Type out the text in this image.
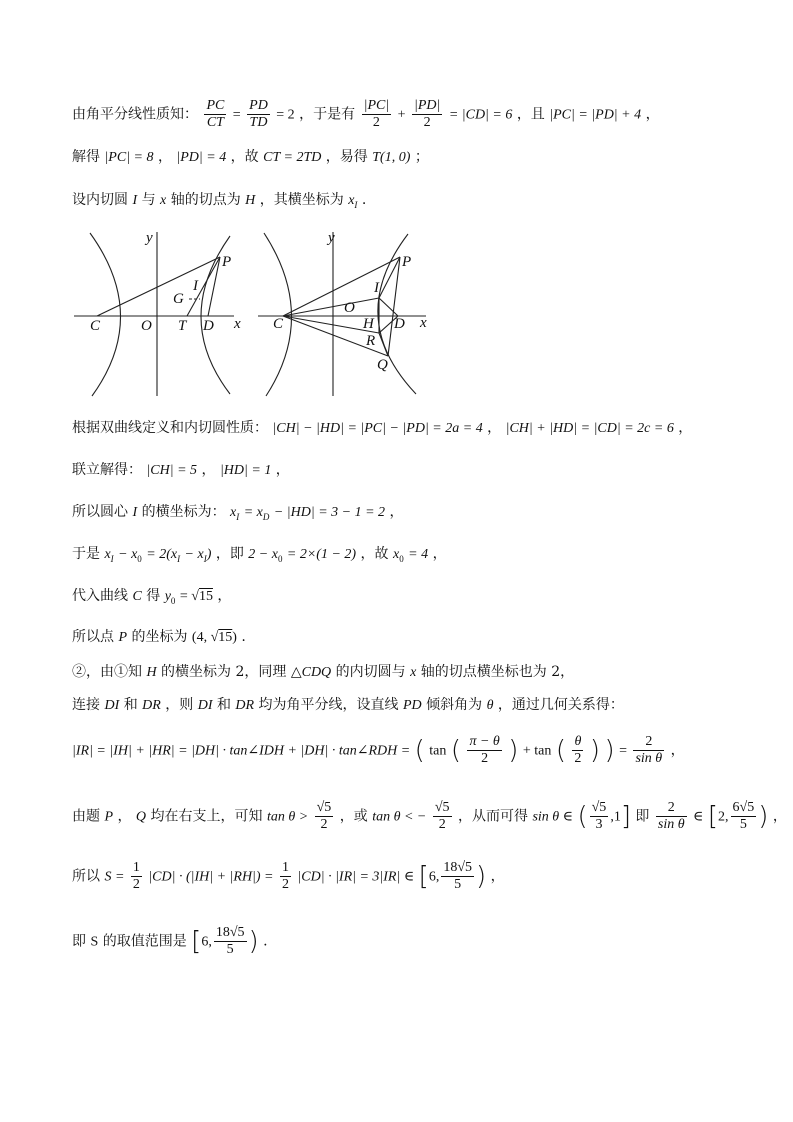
由角平分线性质知： $\frac{PC}{CT} = \frac{PD}{TD} = 2$ ，于是有 $\frac{|PC|}{2} + \frac{|PD|}{2} = |CD| = 6$ ，且 |PC| = |PD| + 4 ，
解得 |PC| = 8 ， |PD| = 4 ，故 CT = 2TD ，易得 T(1, 0) ；
设内切圆 I 与 x 轴的切点为 H ，其横坐标为 $x_I$ .
y
P
I
G
C	O T D x
y
P
I
O
C	H D x
R
Q
根据双曲线定义和内切圆性质： |CH| − |HD| = |PC| − |PD| = 2a = 4 ， |CH| + |HD| = |CD| = 2c = 6 ，
联立解得： |CH| = 5 ， |HD| = 1 ，
所以圆心 I 的横坐标为： $x_I = x_D - |HD| = 3 - 1 = 2$ ，
于是 $x_I - x_0 = 2(x_I - x_I)$ ，即 $2 - x_0 = 2\times(1 - 2)$ ，故 $x_0 = 4$ ，
代入曲线 C 得 $y_0 = √15$ ，
所以点 P 的坐标为 (4, √15) .
②，由①知 H 的横坐标为 2，同理 △CDQ 的内切圆与 x 轴的切点横坐标也为 2，
连接 DI 和 DR ，则 DI 和 DR 均为角平分线，设直线 PD 倾斜角为 θ ，通过几何关系得：
|IR| = |IH| + |HR| = |DH| · tan∠IDH + |DH| · tan∠RDH = ( tan ( $\frac{\pi - \theta}{2}$ ) + tan ( $\frac{\theta}{2}$ ) ) = $\frac{2}{\text{sin θ}}$ ，
由题 P ， Q 均在右支上，可知 $\tan \theta > \frac{√5}{2}$ ，或 tan θ < − $\frac{√5}{2}$ ，从而可得 sin θ ∈ ( $\frac{√5}{3} ,1$] 即 $\frac{2}{\text{sin θ}}$ ∈ [2, $\frac{6√5}{5}$ ) ，
所以 $S = \frac{1}{2} |CD| \cdot (|IH| + |RH|) = \frac{1}{2} |CD| \cdot |IR| = 3|IR|$ ∈ [6, $\frac{18√5}{5}$ ) ，
即 S 的取值范围是 [6, $\frac{18√5}{5}$ ) .
